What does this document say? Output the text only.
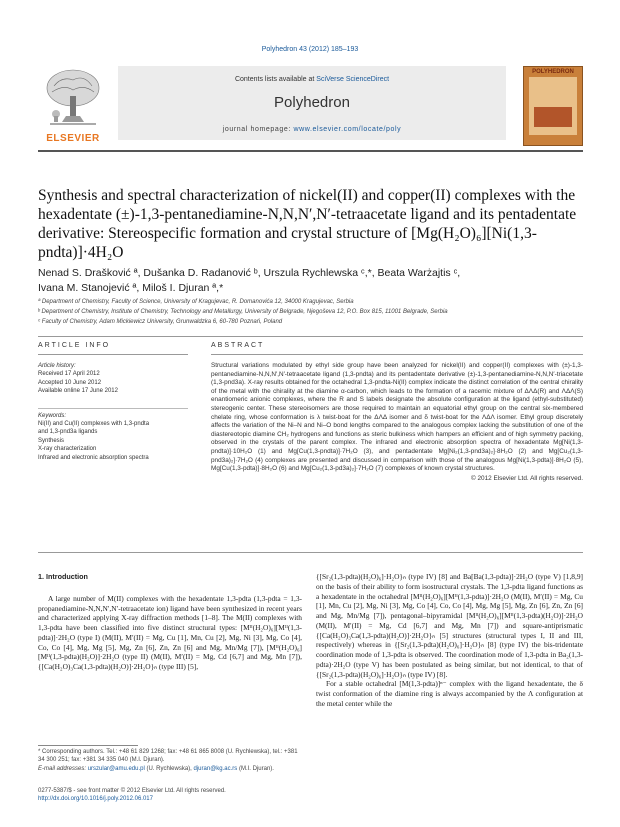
Polyhedron 43 (2012) 185–193
ELSEVIER
Contents lists available at SciVerse ScienceDirect
Polyhedron
journal homepage: www.elsevier.com/locate/poly
POLYHEDRON
Synthesis and spectral characterization of nickel(II) and copper(II) complexes with the hexadentate (±)-1,3-pentanediamine-N,N,N′,N′-tetraacetate ligand and its pentadentate derivative: Stereospecific formation and crystal structure of [Mg(H₂O)₆][Ni(1,3-pndta)]·4H₂O
Nenad S. Drašković ª, Dušanka D. Radanović ᵇ, Urszula Rychlewska ᶜ,*, Beata Warżajtis ᶜ,
Ivana M. Stanojević ª, Miloš I. Djuran ª,*
ª Department of Chemistry, Faculty of Science, University of Kragujevac, R. Domanovića 12, 34000 Kragujevac, Serbia
ᵇ Department of Chemistry, Institute of Chemistry, Technology and Metallurgy, University of Belgrade, Njegoševa 12, P.O. Box 815, 11001 Belgrade, Serbia
ᶜ Faculty of Chemistry, Adam Mickiewicz University, Grunwaldzka 6, 60-780 Poznań, Poland
ARTICLE INFO	ABSTRACT
Article history:
Received 17 April 2012
Accepted 10 June 2012
Available online 17 June 2012
Keywords:
Ni(II) and Cu(II) complexes with 1,3-pndta
and 1,3-pnd3a ligands
Synthesis
X-ray characterization
Infrared and electronic absorption spectra
Structural variations modulated by ethyl side group have been analyzed for nickel(II) and copper(II) complexes with (±)-1,3-pentanediamine-N,N,N′,N′-tetraacetate ligand (1,3-pndta) and its pentadentate derivative (±)-1,3-pentanediamine-N,N,N′-triacetate (1,3-pnd3a). X-ray results obtained for the octahedral 1,3-pndta-Ni(II) complex indicate the distinct correlation of the central chirality of the metal with the chirality at the diamine α-carbon, which leads to the formation of a racemic mixture of ΔΛΔ(R) and ΛΔΛ(S) enantiomeric anionic complexes, where the R and S labels designate the absolute configuration at the ligand (ethyl-substituted) stereogenic center. These stereoisomers are those required to maintain an equatorial ethyl group on the central six-membered chelate ring, whose conformation is λ twist-boat for the ΔΛΔ isomer and δ twist-boat for the ΛΔΛ isomer. Ethyl group discretely affects the variation of the Ni–N and Ni–O bond lengths compared to the analogous complex lacking the substitution of one of the diastereotopic diamine CH₂ hydrogens and functions as steric bulkiness which hampers an efficient and of high symmetry packing, observed in the crystals of the parent complex. The infrared and electronic absorption spectra of hexadentate Mg[Ni(1,3-pndta)]·10H₂O (1) and Mg[Cu(1,3-pndta)]·7H₂O (3), and pentadentate Mg[Ni₂(1,3-pnd3a)₂]·8H₂O (2) and Mg[Cu₂(1,3-pnd3a)₂]·7H₂O (4) complexes are presented and discussed in comparison with those of the analogous Mg[Ni(1,3-pdta)]·8H₂O (5), Mg[Cu(1,3-pdta)]·8H₂O (6) and Mg[Cu₂(1,3-pd3a)₂]·7H₂O (7) complexes of known crystal structures.
© 2012 Elsevier Ltd. All rights reserved.
1. Introduction
A large number of M(II) complexes with the hexadentate 1,3-pdta (1,3-pdta = 1,3-propanediamine-N,N,N′,N′-tetraacetate ion) ligand have been synthesized in recent years and characterized applying X-ray diffraction methods [1–8]. The M(II) complexes with 1,3-pdta have been classified into five distinct structural types: [Mᴵᴵ(H₂O)₆][Mᴵᴵ(1,3-pdta)]·2H₂O (type I) (M(II), M′(II) = Mg, Cu [1], Mn, Cu [2], Mg, Ni [3], Mg, Co [4], Co, Co [4], Mg, Mg [5], Mg, Zn [6], Zn, Zn [6] and Mg, Mn/Mg [7]), [Mᴵᴵ(H₂O)₆][Mᴵᴵ(1,3-pdta)(H₂O)]·2H₂O (type II) (M(II), M′(II) = Mg, Cd [6,7] and Mg, Mn [7]), {[Ca(H₂O)₃Ca(1,3-pdta)(H₂O)]·2H₂O}ₙ (type III) [5],
{[Sr₂(1,3-pdta)(H₂O)₆]·H₂O}ₙ (type IV) [8] and Ba[Ba(1,3-pdta)]·2H₂O (type V) [1,8,9] on the basis of their ability to form isostructural crystals. The 1,3-pdta ligand functions as a hexadentate in the octahedral [Mᴵᴵ(H₂O)₆][Mᴵᴵ(1,3-pdta)]·2H₂O (M(II), M′(II) = Mg, Cu [1], Mn, Cu [2], Mg, Ni [3], Mg, Co [4], Co, Co [4], Mg, Mg [5], Mg, Zn [6], Zn, Zn [6] and Mg, Mn/Mg [7]), pentagonal–bipyramidal [Mᴵᴵ(H₂O)₆][Mᴵᴵ(1,3-pdta)(H₂O)]·2H₂O (M(II), M′(II) = Mg, Cd [6,7] and Mg, Mn [7]) and square-antiprismatic {[Ca(H₂O)₃Ca(1,3-pdta)(H₂O)]·2H₂O}ₙ [5] structures (structural types I, II and III, respectively) whereas in {[Sr₂(1,3-pdta)(H₂O)₆]·H₂O}ₙ [8] (type IV) the bis-tridentate coordination mode of 1,3-pdta is observed. The coordination mode of 1,3-pdta in Ba₂(1,3-pdta)·2H₂O (type V) has been postulated as being similar, but not identical, to that of {[Sr₂(1,3-pdta)(H₂O)₆]·H₂O}ₙ (type IV) [8].
For a stable octahedral [M(1,3-pdta)]ⁿ⁻ complex with the ligand hexadentate, the δ twist conformation of the diamine ring is always accompanied by the Λ configuration at the metal center while the
* Corresponding authors. Tel.: +48 61 829 1268; fax: +48 61 865 8008 (U. Rychlewska), tel.: +381 34 300 251; fax: +381 34 335 040 (M.I. Djuran).
E-mail addresses: urszular@amu.edu.pl (U. Rychlewska), djuran@kg.ac.rs (M.I. Djuran).
0277-5387/$ - see front matter © 2012 Elsevier Ltd. All rights reserved.
http://dx.doi.org/10.1016/j.poly.2012.06.017
